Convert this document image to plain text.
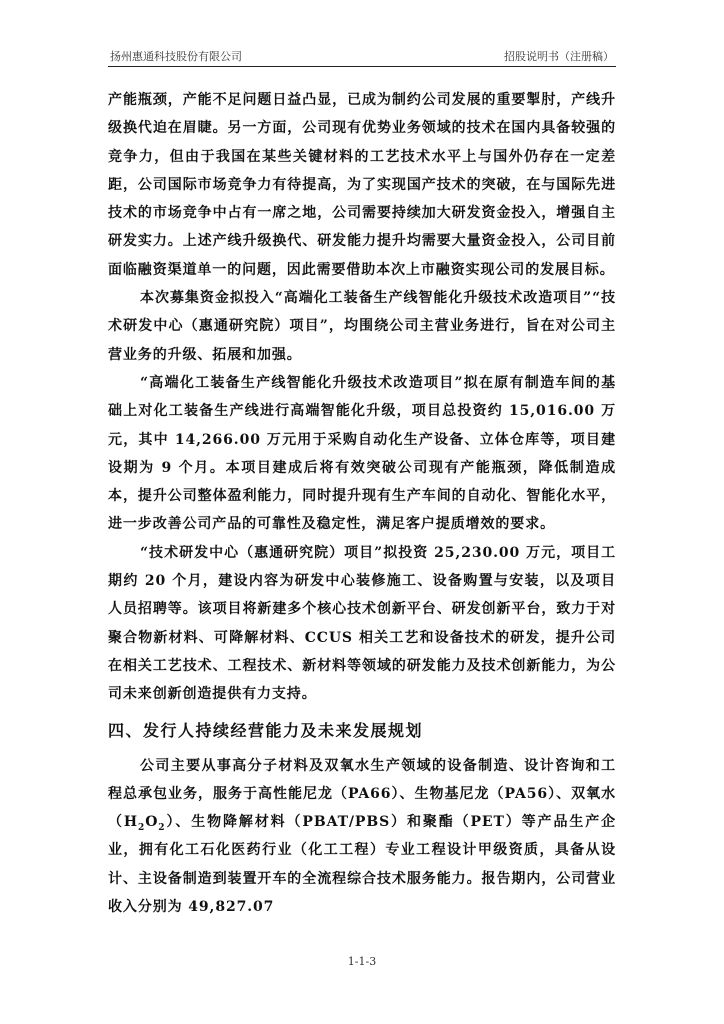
扬州惠通科技股份有限公司	招股说明书（注册稿）

产能瓶颈，产能不足问题日益凸显，已成为制约公司发展的重要掣肘，产线升级换代迫在眉睫。另一方面，公司现有优势业务领域的技术在国内具备较强的竞争力，但由于我国在某些关键材料的工艺技术水平上与国外仍存在一定差距，公司国际市场竞争力有待提高，为了实现国产技术的突破，在与国际先进技术的市场竞争中占有一席之地，公司需要持续加大研发资金投入，增强自主研发实力。上述产线升级换代、研发能力提升均需要大量资金投入，公司目前面临融资渠道单一的问题，因此需要借助本次上市融资实现公司的发展目标。

本次募集资金拟投入“高端化工装备生产线智能化升级技术改造项目”“技术研发中心（惠通研究院）项目”，均围绕公司主营业务进行，旨在对公司主营业务的升级、拓展和加强。

“高端化工装备生产线智能化升级技术改造项目”拟在原有制造车间的基础上对化工装备生产线进行高端智能化升级，项目总投资约 15,016.00 万元，其中 14,266.00 万元用于采购自动化生产设备、立体仓库等，项目建设期为 9 个月。本项目建成后将有效突破公司现有产能瓶颈，降低制造成本，提升公司整体盈利能力，同时提升现有生产车间的自动化、智能化水平，进一步改善公司产品的可靠性及稳定性，满足客户提质增效的要求。

“技术研发中心（惠通研究院）项目”拟投资 25,230.00 万元，项目工期约 20 个月，建设内容为研发中心装修施工、设备购置与安装，以及项目人员招聘等。该项目将新建多个核心技术创新平台、研发创新平台，致力于对聚合物新材料、可降解材料、CCUS 相关工艺和设备技术的研发，提升公司在相关工艺技术、工程技术、新材料等领域的研发能力及技术创新能力，为公司未来创新创造提供有力支持。

四、发行人持续经营能力及未来发展规划

公司主要从事高分子材料及双氧水生产领域的设备制造、设计咨询和工程总承包业务，服务于高性能尼龙（PA66）、生物基尼龙（PA56）、双氧水$(H_2O_2)$、生物降解材料（PBAT/PBS）和聚酯（PET）等产品生产企业，拥有化工石化医药行业（化工工程）专业工程设计甲级资质，具备从设计、主设备制造到装置开车的全流程综合技术服务能力。报告期内，公司营业收入分别为 49,827.07

1-1-3
